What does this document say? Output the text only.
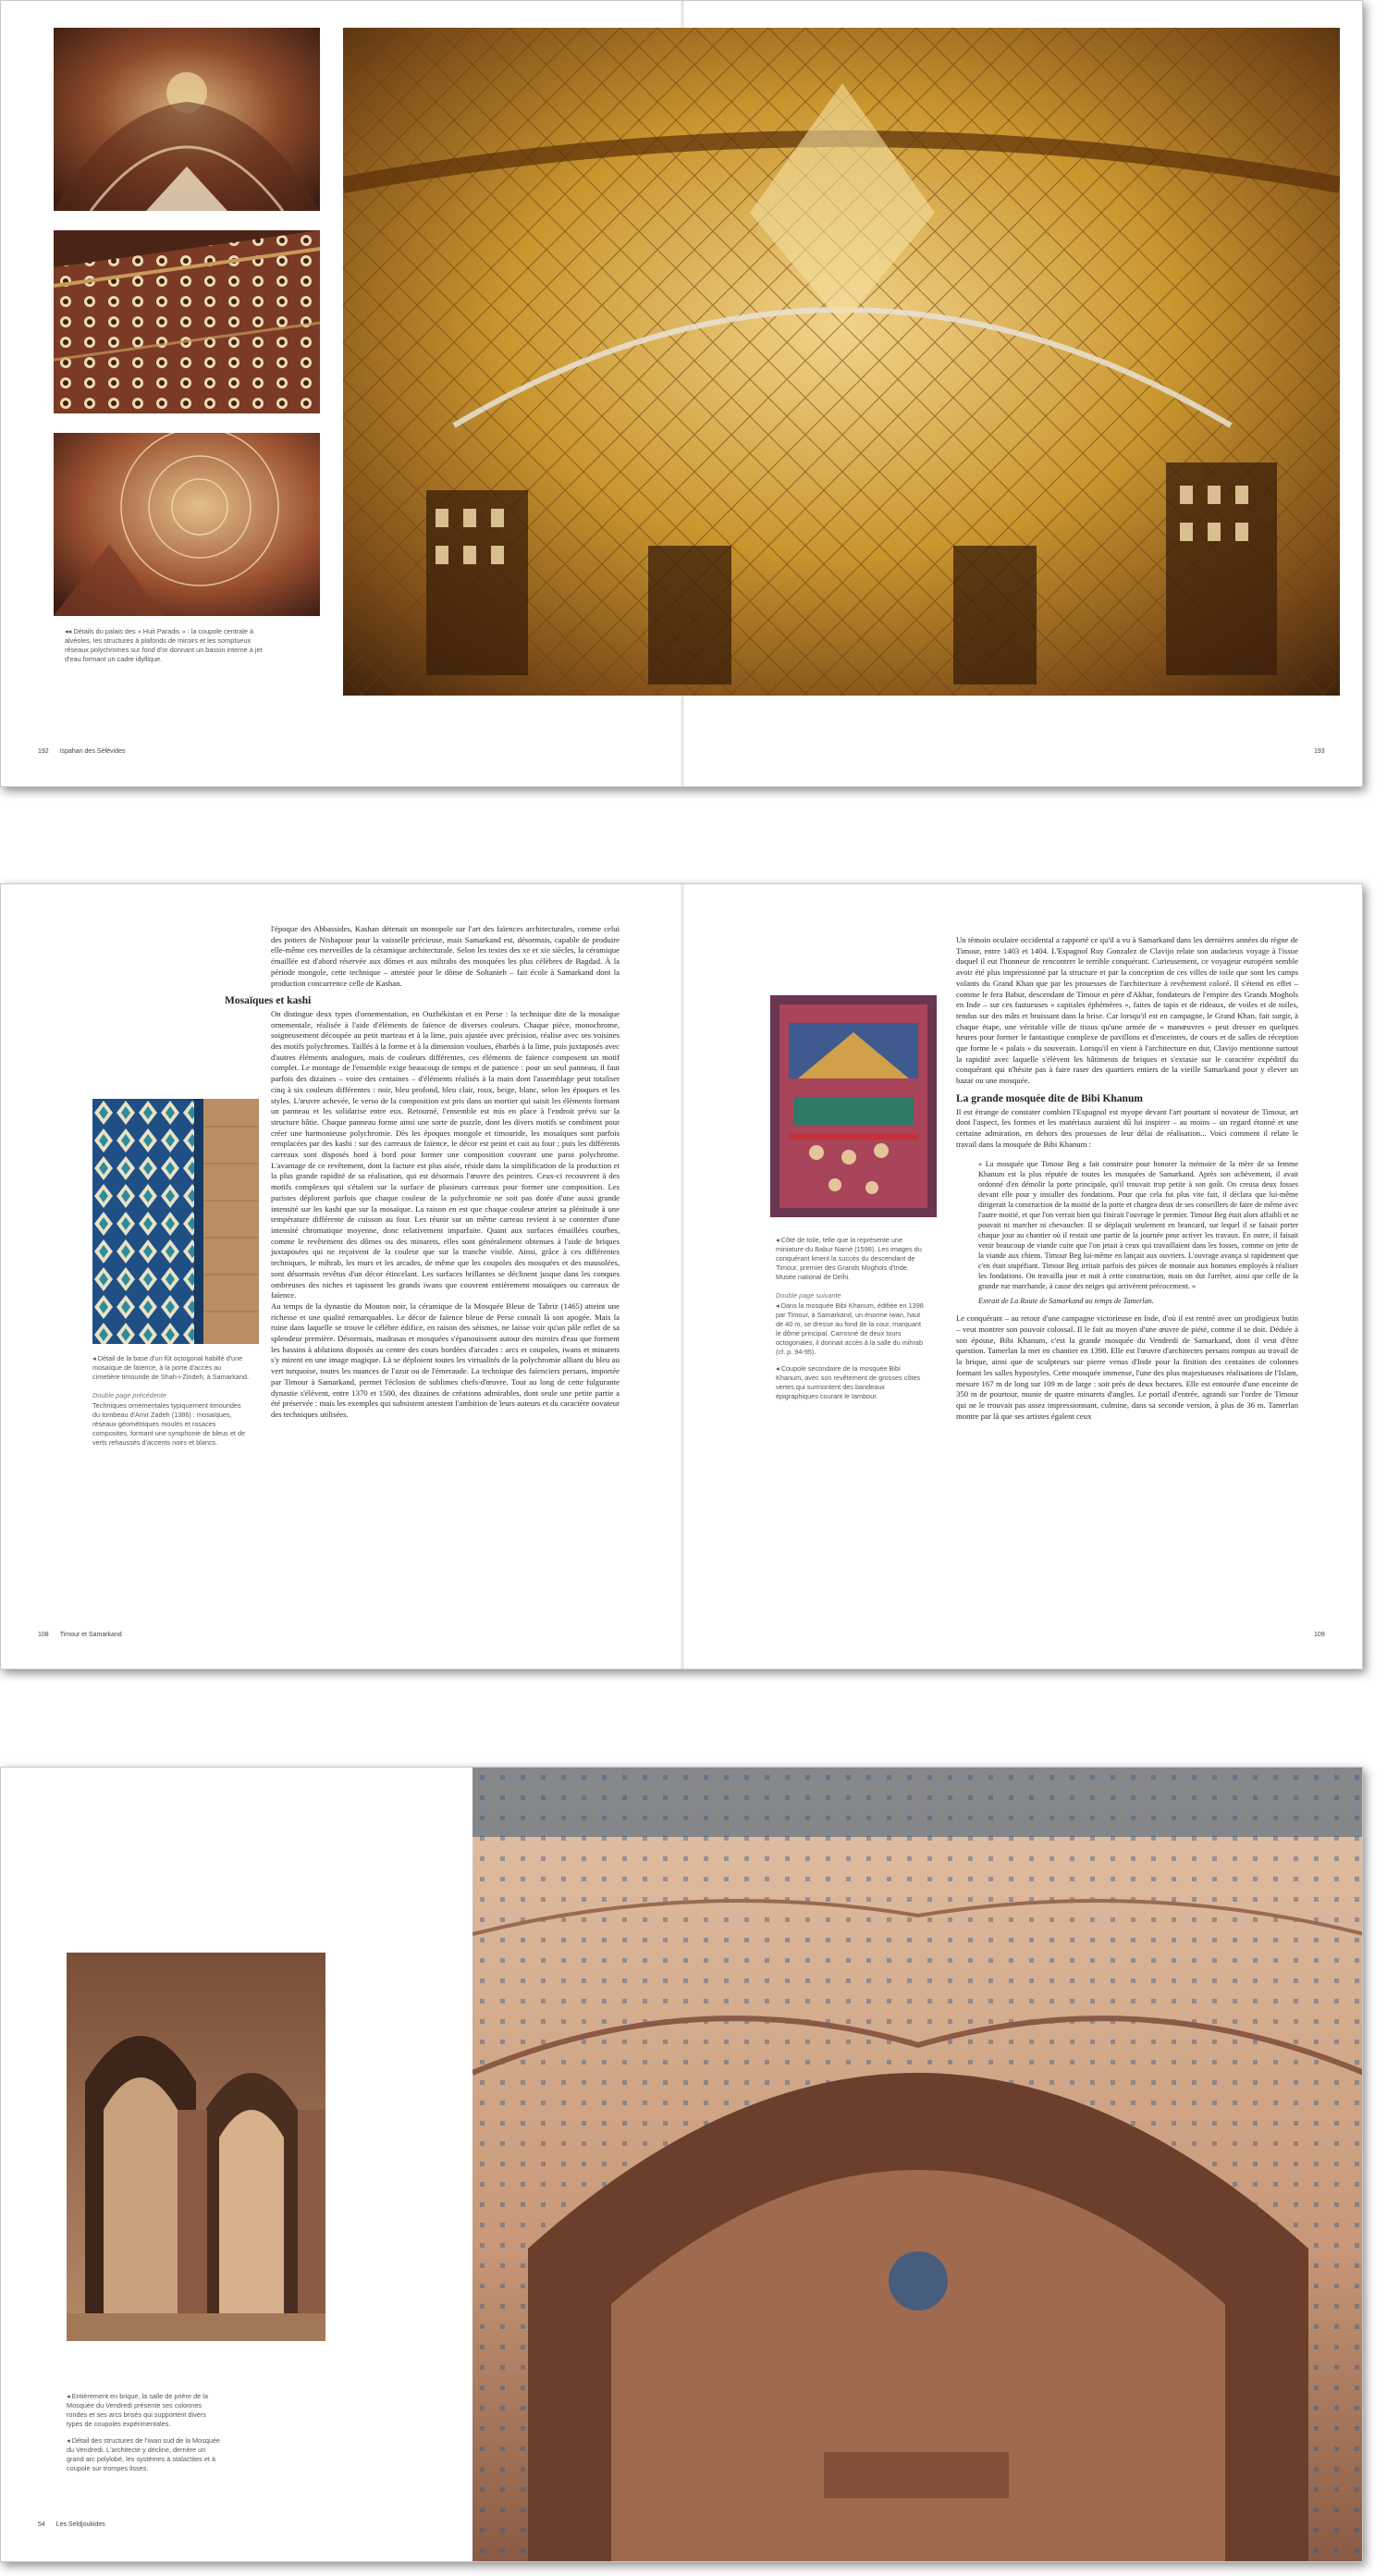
◂◂ Détails du palais des « Huit Paradis » : la coupole centrale à alvéoles, les structures à plafonds de miroirs et les somptueux réseaux polychromes sur fond d'or donnant un bassin interne à jet d'eau formant un cadre idyllique.
192 Ispahan des Séfévides	193

l'époque des Abbassides, Kashan détenait un monopole sur l'art des faïences architecturales, comme celui des potiers de Nishapour pour la vaisselle précieuse, mais Samarkand est, désormais, capable de produire elle-même ces merveilles de la céramique architecturale. Selon les textes des xe et xie siècles, la céramique émaillée est d'abord réservée aux dômes et aux mihrabs des mosquées les plus célèbres de Bagdad. À la période mongole, cette technique – attestée pour le dôme de Soltanieh – fait école à Samarkand dont la production concurrence celle de Kashan.

Mosaïques et kashi

On distingue deux types d'ornementation, en Ouzbékistan et en Perse : la technique dite de la mosaïque ornementale, réalisée à l'aide d'éléments de faïence de diverses couleurs. Chaque pièce, monochrome, soigneusement découpée au petit marteau et à la lime, puis ajustée avec précision, réalise avec ses voisines des motifs polychromes. Taillés à la forme et à la dimension voulues, ébarbés à la lime, puis juxtaposés avec d'autres éléments analogues, mais de couleurs différentes, ces éléments de faïence composent un motif complet. Le montage de l'ensemble exige beaucoup de temps et de patience : pour un seul panneau, il faut parfois des dizaines – voire des centaines – d'éléments réalisés à la main dont l'assemblage peut totaliser cinq à six couleurs différentes : noir, bleu profond, bleu clair, roux, beige, blanc, selon les époques et les styles. L'œuvre achevée, le verso de la composition est pris dans un mortier qui saisit les éléments formant un panneau et les solidarise entre eux. Retourné, l'ensemble est mis en place à l'endroit prévu sur la structure bâtie. Chaque panneau forme ainsi une sorte de puzzle, dont les divers motifs se combinent pour créer une harmonieuse polychromie. Dès les époques mongole et timouride, les mosaïques sont parfois remplacées par des kashi : sur des carreaux de faïence, le décor est peint et cuit au four ; puis les différents carreaux sont disposés bord à bord pour former une composition couvrant une paroi polychrome. L'avantage de ce revêtement, dont la facture est plus aisée, réside dans la simplification de la production et la plus grande rapidité de sa réalisation, qui est désormais l'œuvre des peintres. Ceux-ci recouvrent à des motifs complexes qui s'étalent sur la surface de plusieurs carreaux pour former une composition. Les puristes déplorent parfois que chaque couleur de la polychromie ne soit pas dotée d'une aussi grande intensité sur les kashi que sur la mosaïque. La raison en est que chaque couleur atteint sa plénitude à une température différente de cuisson au four. Les réunir sur un même carreau revient à se contenter d'une intensité chromatique moyenne, donc relativement imparfaite. Quant aux surfaces émaillées courbes, comme le revêtement des dômes ou des minarets, elles sont généralement obtenues à l'aide de briques juxtaposées qui ne reçoivent de la couleur que sur la tranche visible. Ainsi, grâce à ces différentes techniques, le mihrab, les murs et les arcades, de même que les coupoles des mosquées et des mausolées, sont désormais revêtus d'un décor étincelant. Les surfaces brillantes se déclinent jusque dans les conques ombreuses des niches et tapissent les grands iwans que couvrent entièrement mosaïques ou carreaux de faïence.

Au temps de la dynastie du Mouton noir, la céramique de la Mosquée Bleue de Tabriz (1465) atteint une richesse et une qualité remarquables. Le décor de faïence bleue de Perse connaît là son apogée. Mais la ruine dans laquelle se trouve le célèbre édifice, en raison des séismes, ne laisse voir qu'un pâle reflet de sa splendeur première. Désormais, madrasas et mosquées s'épanouissent autour des miroirs d'eau que forment les bassins à ablutions disposés au centre des cours bordées d'arcades : arcs et coupoles, iwans et minarets s'y mirent en une image magique. Là se déploient toutes les virtualités de la polychromie alliant du bleu au vert turquoise, toutes les nuances de l'azur ou de l'émeraude. La technique des faïenciers persans, importée par Timour à Samarkand, permet l'éclosion de sublimes chefs-d'œuvre. Tout au long de cette fulgurante dynastie s'élèvent, entre 1370 et 1500, des dizaines de créations admirables, dont seule une petite partie a été préservée : mais les exemples qui subsistent attestent l'ambition de leurs auteurs et du caractère novateur des techniques utilisées.

◂ Détail de la base d'un fût octogonal habillé d'une mosaïque de faïence, à la porte d'accès au cimetière timouride de Shah-i-Zindeh, à Samarkand.

Double page précédente

Techniques ornementales typiquement timourides du tombeau d'Amir Zadeh (1386) : mosaïques, réseaux géométriques moulés et rosaces composites, formant une symphonie de bleus et de verts rehaussés d'accents noirs et blancs.

◂ Côté de toile, telle que la représente une miniature du Babur Namé (1598). Les images du conquérant liment la succès du descendant de Timour, premier des Grands Moghols d'Inde. Musée national de Delhi.

Double page suivante

◂ Dans la mosquée Bibi Khanum, édifiée en 1398 par Timour, à Samarkand, un énorme iwan, haut de 40 m, se dresse au fond de la cour, marquant le dôme principal. Carrosné de deux tours octogonales, il donnait accès à la salle du mihrab (cf. p. 94-95).

◂ Coupole secondaire de la mosquée Bibi Khanum, avec son revêtement de grosses côtes vertes qui surmontent des bandeaux épigraphiques courant le tambour.

Un témoin oculaire occidental a rapporté ce qu'il a vu à Samarkand dans les dernières années du règne de Timour, entre 1403 et 1404. L'Espagnol Ruy Gonzalez de Clavijo relate son audacieux voyage à l'issue duquel il eut l'honneur de rencontrer le terrible conquérant. Curieusement, ce voyageur européen semble avoir été plus impressionné par la structure et par la conception de ces villes de toile que sont les camps volants du Grand Khan que par les prouesses de l'architecture à revêtement coloré. Il s'étend en effet – comme le fera Babur, descendant de Timour et père d'Akbar, fondateurs de l'empire des Grands Moghols en Inde – sur ces fastueuses « capitales éphémères », faites de tapis et de rideaux, de voiles et de toiles, tendus sur des mâts et bruissant dans la brise. Car lorsqu'il est en campagne, le Grand Khan, fait surgir, à chaque étape, une véritable ville de tissus qu'une armée de « manœuvres » peut dresser en quelques heures pour former le fantastique complexe de pavillons et d'enceintes, de cours et de salles de réception que forme le « palais » du souverain. Lorsqu'il en vient à l'architecture en dur, Clavijo mentionne surtout la rapidité avec laquelle s'élèvent les bâtiments de briques et s'extasie sur le caractère expéditif du conquérant qui n'hésite pas à faire raser des quartiers entiers de la vieille Samarkand pour y élever un bazar ou une mosquée.

La grande mosquée dite de Bibi Khanum

Il est étrange de constater combien l'Espagnol est myope devant l'art pourtant si novateur de Timour, art dont l'aspect, les formes et les matériaux auraient dû lui inspirer – au moins – un regard étonné et une certaine admiration, en dehors des prouesses de leur délai de réalisation... Voici comment il relate le travail dans la mosquée de Bibi Khanum :

« La mosquée que Timour Beg a fait construire pour honorer la mémoire de la mère de sa femme Khanum est la plus réputée de toutes les mosquées de Samarkand. Après son achèvement, il avait ordonné d'en démolir la porte principale, qu'il trouvait trop petite à son goût. On creusa deux fosses devant elle pour y installer des fondations. Pour que cela fut plus vite fait, il déclara que lui-même dirigerait la construction de la moitié de la porte et chargea deux de ses conseillers de faire de même avec l'autre moitié, et que l'on verrait bien qui finirait l'ouvrage le premier. Timour Beg était alors affaibli et ne pouvait ni marcher ni chevaucher. Il se déplaçait seulement en brancard, sur lequel il se faisait porter chaque jour au chantier où il restait une partie de la journée pour activer les travaux. En outre, il faisait venir beaucoup de viande cuite que l'on jetait à ceux qui travaillaient dans les fosses, comme on jette de la viande aux chiens. Timour Beg lui-même en lançait aux ouvriers. L'ouvrage avança si rapidement que c'en était stupéfiant. Timour Beg irritait parfois des pièces de monnaie aux hommes employés à réaliser les fondations. On travailla jour et nuit à cette construction, mais on dut l'arrêter, ainsi que celle de la grande rue marchande, à cause des neiges qui arrivèrent précocement. »

Extrait de La Route de Samarkand au temps de Tamerlan.

Le conquérant – au retour d'une campagne victorieuse en Inde, d'où il est rentré avec un prodigieux butin – veut montrer son pouvoir colossal. Il le fait au moyen d'une œuvre de piété, comme il se doit. Dédiée à son épouse, Bibi Khanum, c'est la grande mosquée du Vendredi de Samarkand, dont il veut d'être question. Tamerlan la met en chantier en 1398. Elle est l'œuvre d'architectes persans rompus au travail de la brique, ainsi que de sculpteurs sur pierre venus d'Inde pour la finition des centaines de colonnes formant les salles hypostyles. Cette mosquée immense, l'une des plus majestueuses réalisations de l'Islam, mesure 167 m de long sur 109 m de large : soit près de deux hectares. Elle est entourée d'une enceinte de 350 m de pourtour, munie de quatre minarets d'angles. Le portail d'entrée, agrandi sur l'ordre de Timour qui ne le trouvait pas assez impressionnant, culmine, dans sa seconde version, à plus de 36 m. Tamerlan montre par là que ses artistes égalent ceux

108 Timour et Samarkand	109

◂ Entièrement en brique, la salle de prière de la Mosquée du Vendredi présente ses colonnes rondes et ses arcs brisés qui supportent divers types de coupoles expérimentales.

◂ Détail des structures de l'iwan sud de la Mosquée du Vendredi. L'architecte y décline, derrière un grand arc polylobé, les systèmes à stalactites et à coupole sur trompes lisses.

54 Les Seldjoukides
